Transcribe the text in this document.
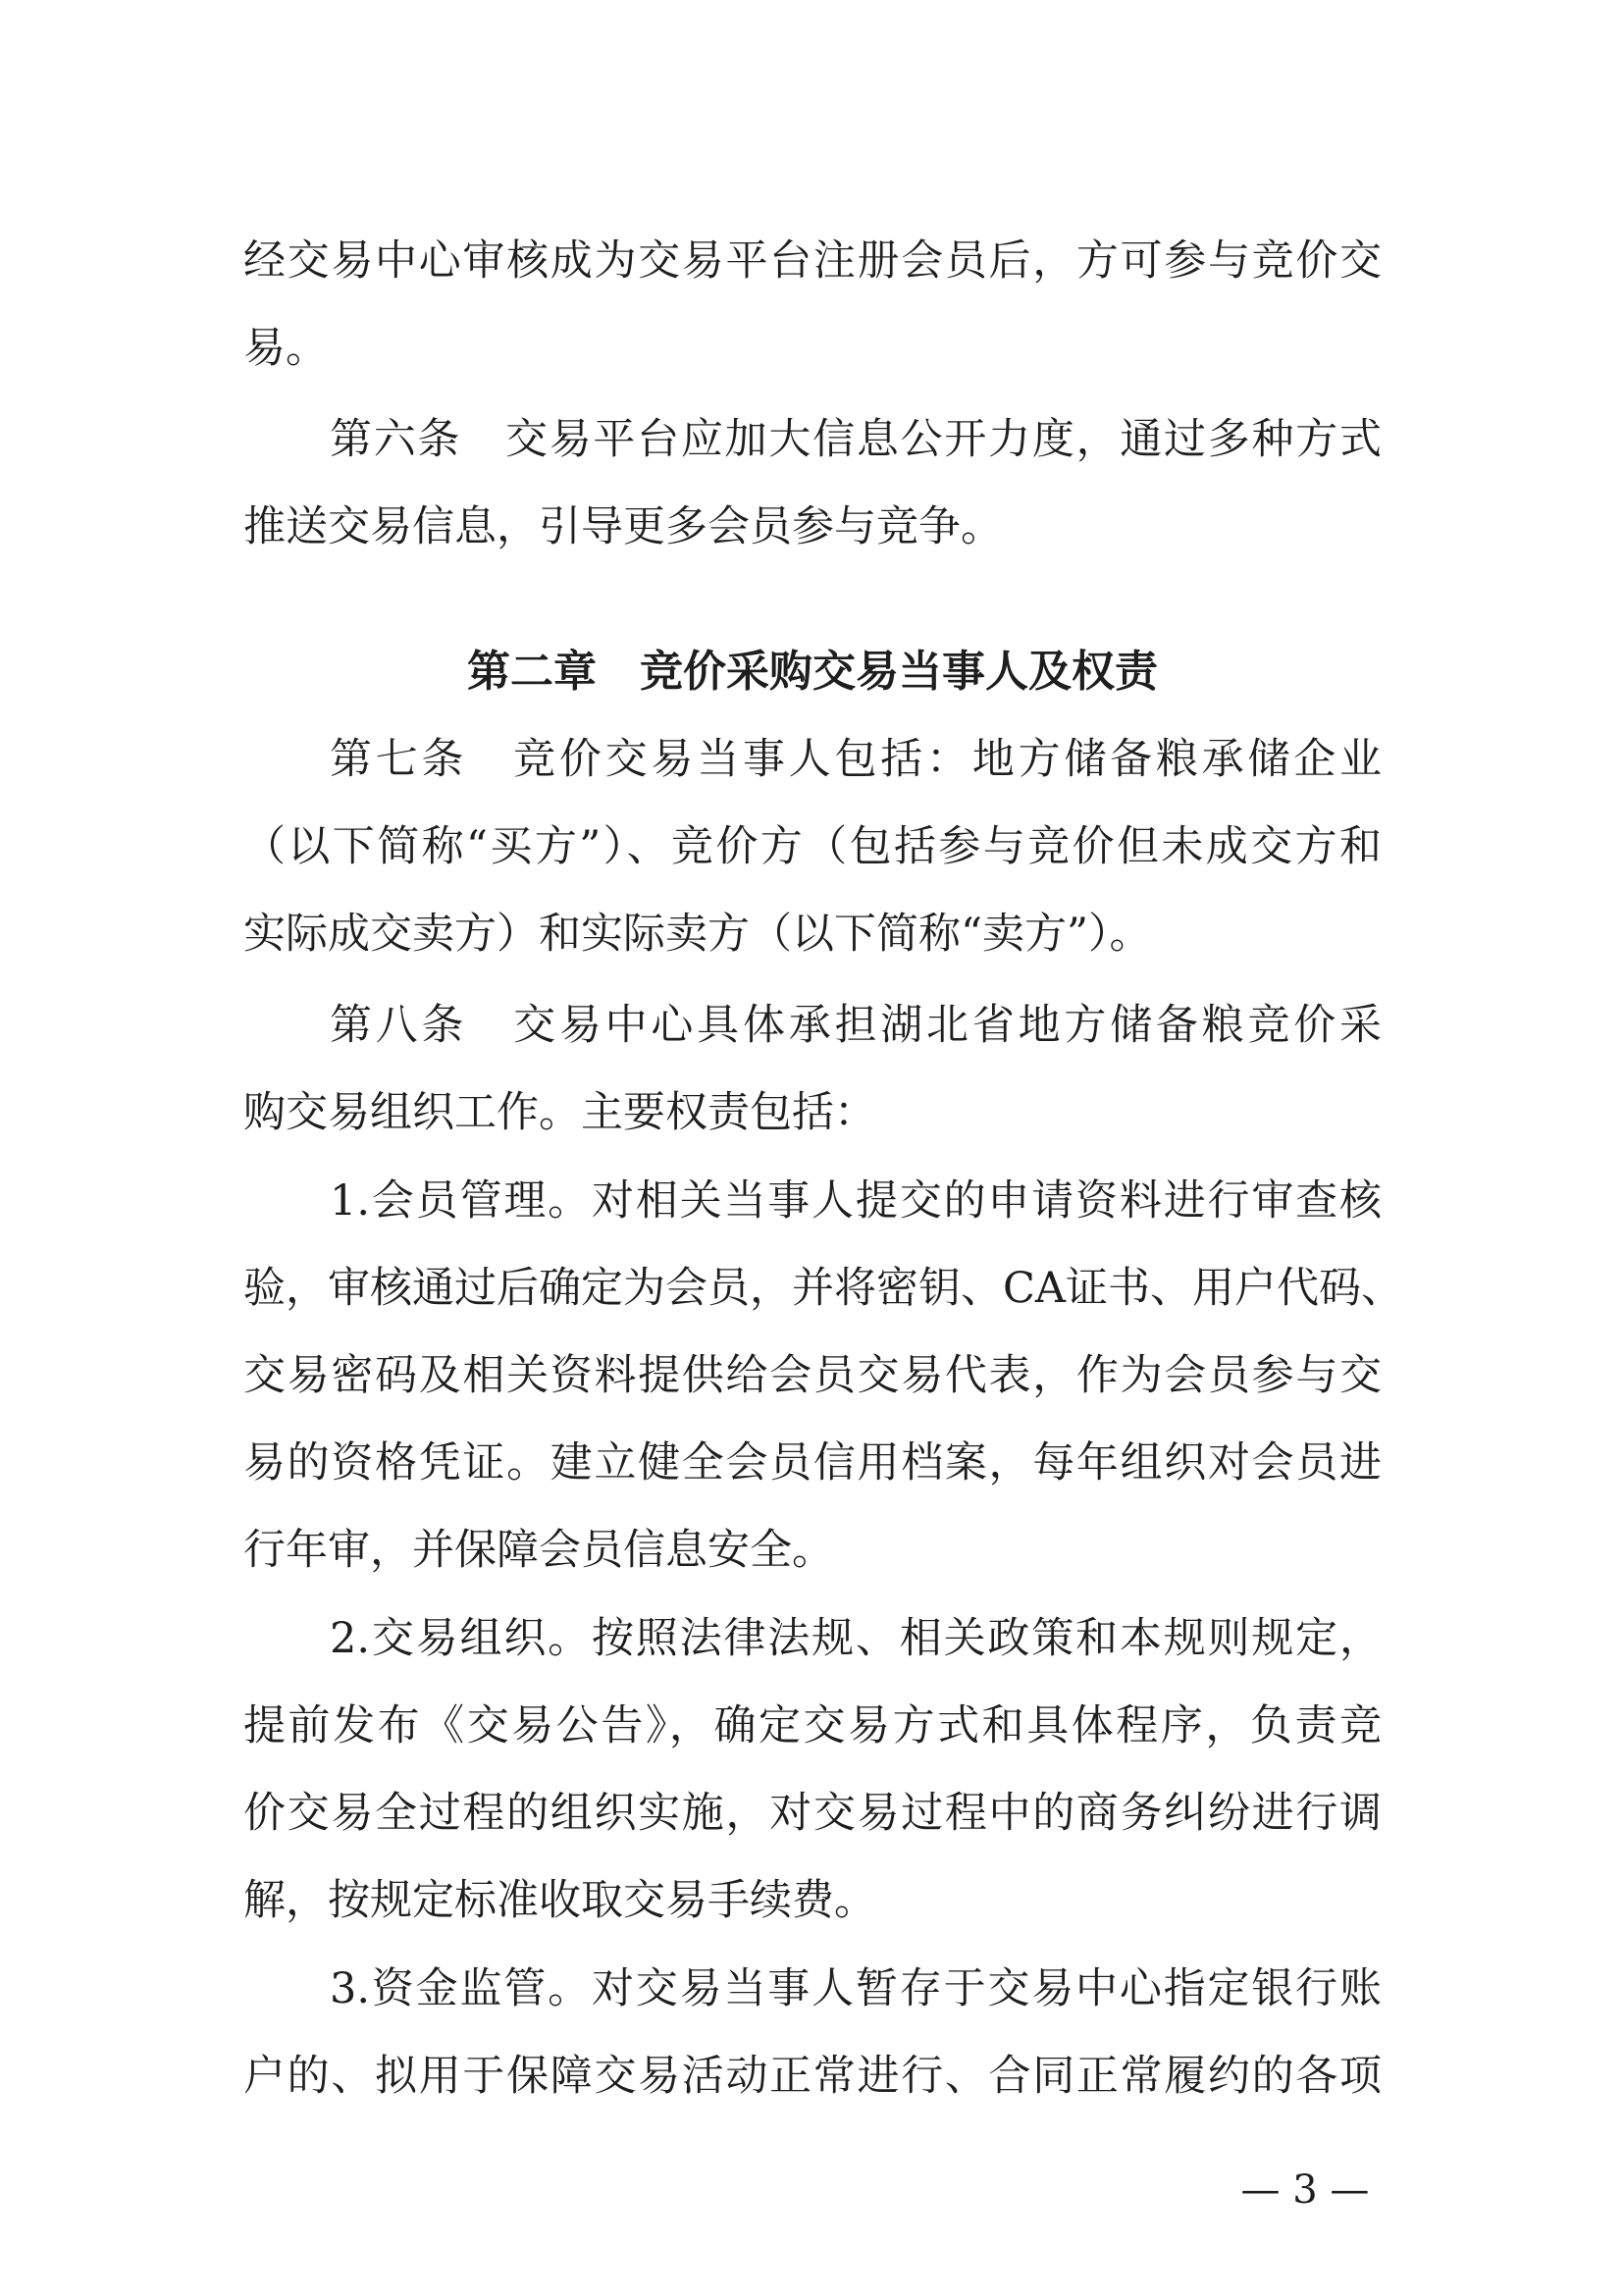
经交易中心审核成为交易平台注册会员后，方可参与竞价交
易。
第六条　交易平台应加大信息公开力度，通过多种方式
推送交易信息，引导更多会员参与竞争。
第二章　竞价采购交易当事人及权责
第七条　竞价交易当事人包括：地方储备粮承储企业
（以下简称“买方”）、竞价方（包括参与竞价但未成交方和
实际成交卖方）和实际卖方（以下简称“卖方”）。
第八条　交易中心具体承担湖北省地方储备粮竞价采
购交易组织工作。主要权责包括：
1.会员管理。对相关当事人提交的申请资料进行审查核
验，审核通过后确定为会员，并将密钥、CA证书、用户代码、
交易密码及相关资料提供给会员交易代表，作为会员参与交
易的资格凭证。建立健全会员信用档案，每年组织对会员进
行年审，并保障会员信息安全。
2.交易组织。按照法律法规、相关政策和本规则规定，
提前发布《交易公告》，确定交易方式和具体程序，负责竞
价交易全过程的组织实施，对交易过程中的商务纠纷进行调
解，按规定标准收取交易手续费。
3.资金监管。对交易当事人暂存于交易中心指定银行账
户的、拟用于保障交易活动正常进行、合同正常履约的各项
— 3 —
